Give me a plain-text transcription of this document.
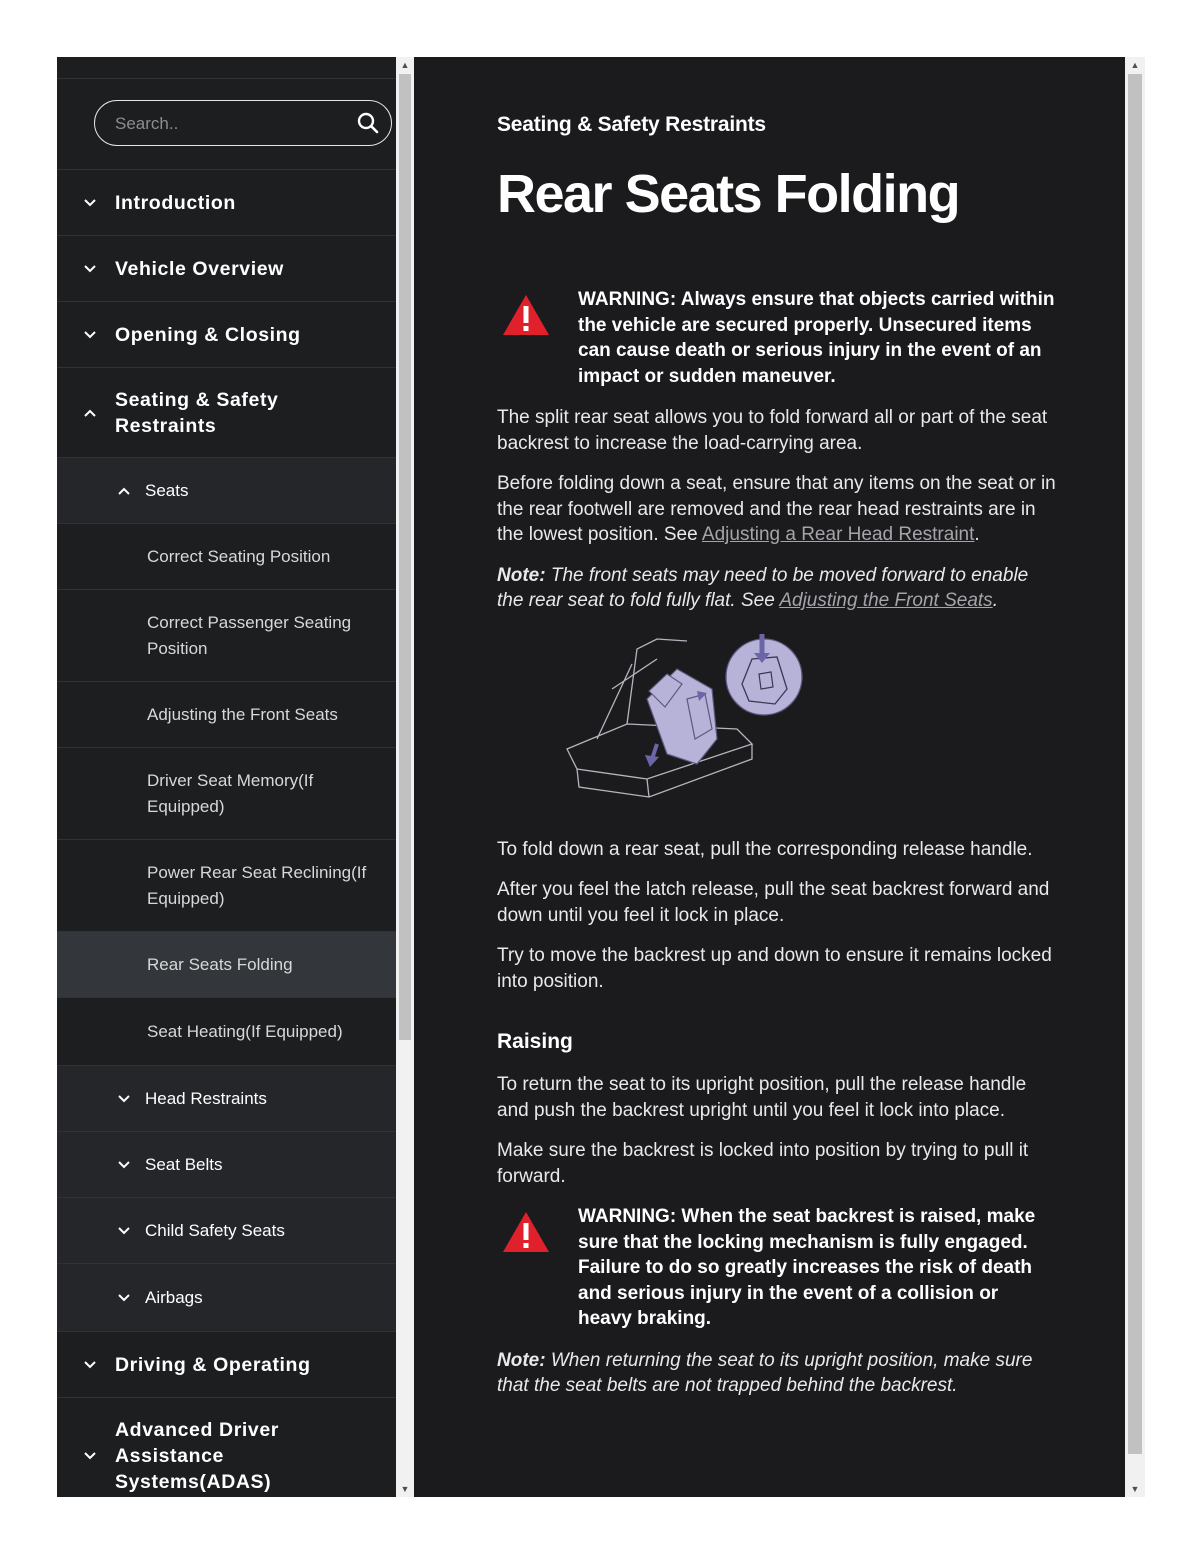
Search..
Introduction
Vehicle Overview
Opening & Closing
Seating & Safety Restraints
Seats
Correct Seating Position
Correct Passenger Seating Position
Adjusting the Front Seats
Driver Seat Memory(If Equipped)
Power Rear Seat Reclining(If Equipped)
Rear Seats Folding
Seat Heating(If Equipped)
Head Restraints
Seat Belts
Child Safety Seats
Airbags
Driving & Operating
Advanced Driver Assistance Systems(ADAS)
▲
▼
Seating & Safety Restraints
Rear Seats Folding

WARNING: Always ensure that objects carried within the vehicle are secured properly. Unsecured items can cause death or serious injury in the event of an impact or sudden maneuver.

The split rear seat allows you to fold forward all or part of the seat backrest to increase the load-carrying area.

Before folding down a seat, ensure that any items on the seat or in the rear footwell are removed and the rear head restraints are in the lowest position. See Adjusting a Rear Head Restraint.

Note: The front seats may need to be moved forward to enable the rear seat to fold fully flat. See Adjusting the Front Seats.

To fold down a rear seat, pull the corresponding release handle.

After you feel the latch release, pull the seat backrest forward and down until you feel it lock in place.

Try to move the backrest up and down to ensure it remains locked into position.

Raising

To return the seat to its upright position, pull the release handle and push the backrest upright until you feel it lock into place.

Make sure the backrest is locked into position by trying to pull it forward.

WARNING: When the seat backrest is raised, make sure that the locking mechanism is fully engaged. Failure to do so greatly increases the risk of death and serious injury in the event of a collision or heavy braking.

Note: When returning the seat to its upright position, make sure that the seat belts are not trapped behind the backrest.

▲
▼
